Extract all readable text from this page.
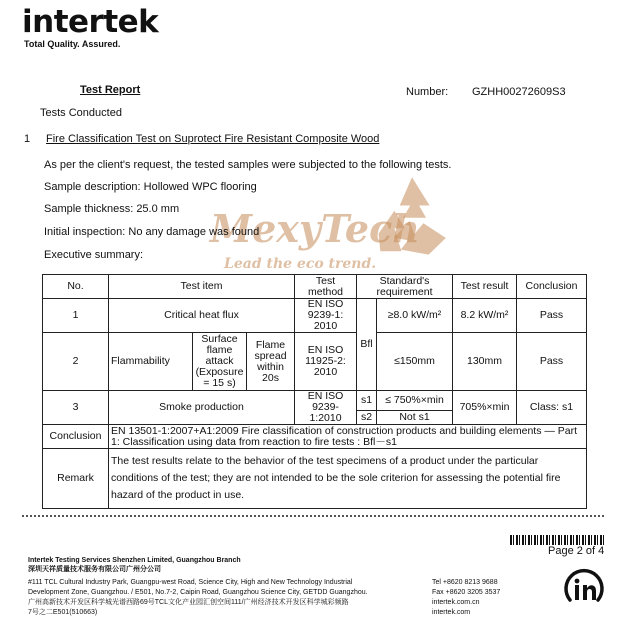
intertek
Total Quality. Assured.
MexyTech
Lead the eco trend.
Test Report	Number: GZHH00272609S3
Tests Conducted
1 Fire Classification Test on Suprotect Fire Resistant Composite Wood
As per the client's request, the tested samples were subjected to the following tests.
Sample description: Hollowed WPC flooring
Sample thickness: 25.0 mm
Initial inspection: No any damage was found
Executive summary:
No.	Test item			Test method	Standard's requirement		Test result	Conclusion
1	Critical heat flux			EN ISO 9239-1: 2010	Bfl	≥8.0 kW/m²	8.2 kW/m²	Pass
2	Flammability	Surface flame attack (Exposure = 15 s)	Flame spread within 20s	EN ISO 11925-2: 2010		≤150mm	130mm	Pass
3	Smoke production			EN ISO 9239-1:2010	s1	≤ 750%×min	705%×min	Class: s1
					s2	Not s1		
Conclusion	EN 13501-1:2007+A1:2009 Fire classification of construction products and building elements — Part 1: Classification using data from reaction to fire tests : Bfl－s1							
Remark	The test results relate to the behavior of the test specimens of a product under the particular conditions of the test; they are not intended to be the sole criterion for assessing the potential fire hazard of the product in use.							
Page 2 of 4
Intertek Testing Services Shenzhen Limited, Guangzhou Branch
深圳天祥质量技术服务有限公司广州分公司
#111 TCL Cultural Industry Park, Guangpu-west Road, Science City, High and New Technology Industrial
Development Zone, Guangzhou. / E501, No.7-2, Caipin Road, Guangzhou Science City, GETDD Guangzhou.
广州高新技术开发区科学城光谱西路69号TCL文化产业园汇创空间111/广州经济技术开发区科学城彩频路
7号之二E501(510663)
Tel +8620 8213 9688
Fax +8620 3205 3537
intertek.com.cn
intertek.com
